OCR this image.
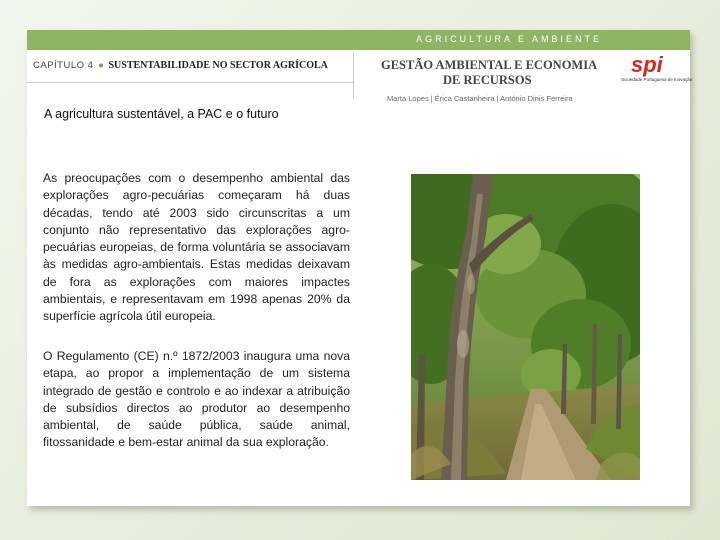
AGRICULTURA E AMBIENTE
CAPÍTULO 4 ● SUSTENTABILIDADE NO SECTOR AGRÍCOLA	GESTÃO AMBIENTAL E ECONOMIA
DE RECURSOS
spi
Sociedade Portuguesa de Inovação
Marta Lopes | Érica Castanheira | António Dinis Ferreira
A agricultura sustentável, a PAC e o futuro
As preocupações com o desempenho ambiental das explorações agro-pecuárias começaram há duas décadas, tendo até 2003 sido circunscritas a um conjunto não representativo das explorações agro-pecuárias europeias, de forma voluntária se associavam às medidas agro-ambientais. Estas medidas deixavam de fora as explorações com maiores impactes ambientais, e representavam em 1998 apenas 20% da superfície agrícola útil europeia.
O Regulamento (CE) n.º 1872/2003 inaugura uma nova etapa, ao propor a implementação de um sistema integrado de gestão e controlo e ao indexar a atribuição de subsídios directos ao produtor ao desempenho ambiental, de saúde pública, saúde animal, fitossanidade e bem-estar animal da sua exploração.
